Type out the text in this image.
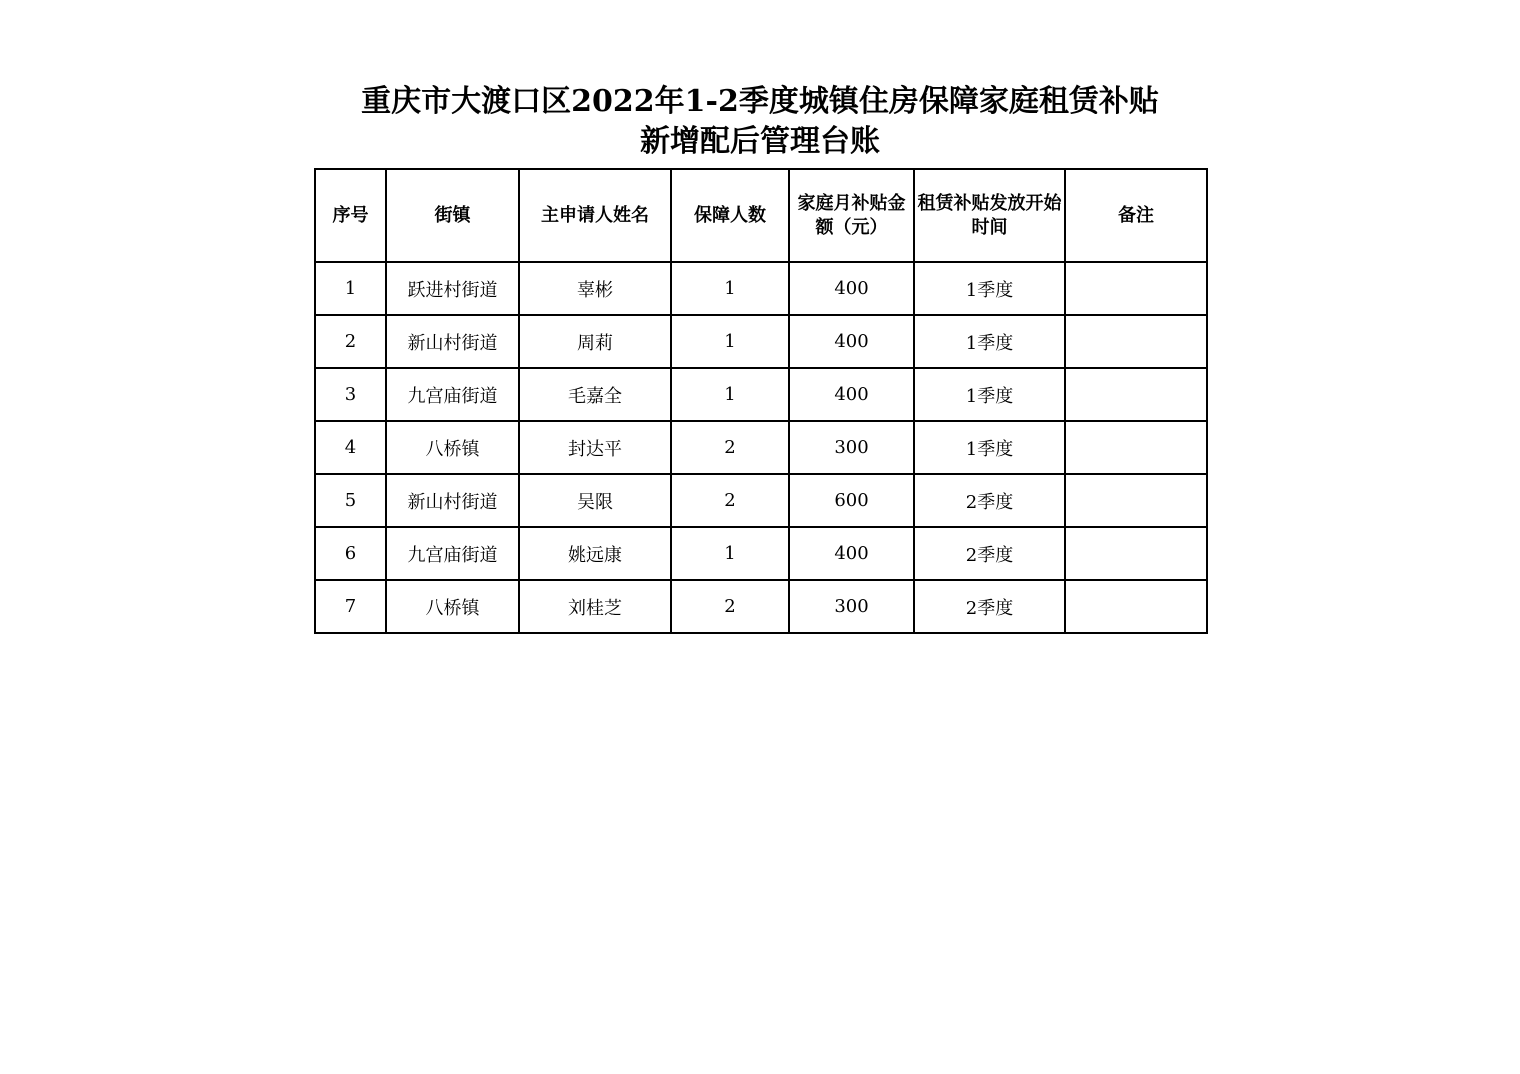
重庆市大渡口区2022年1-2季度城镇住房保障家庭租赁补贴
新增配后管理台账
序号	街镇	主申请人姓名	保障人数	家庭月补贴金额（元）	租赁补贴发放开始时间	备注
1	跃进村街道	辜彬	1	400	1季度	
2	新山村街道	周莉	1	400	1季度	
3	九宫庙街道	毛嘉全	1	400	1季度	
4	八桥镇	封达平	2	300	1季度	
5	新山村街道	吴限	2	600	2季度	
6	九宫庙街道	姚远康	1	400	2季度	
7	八桥镇	刘桂芝	2	300	2季度	
